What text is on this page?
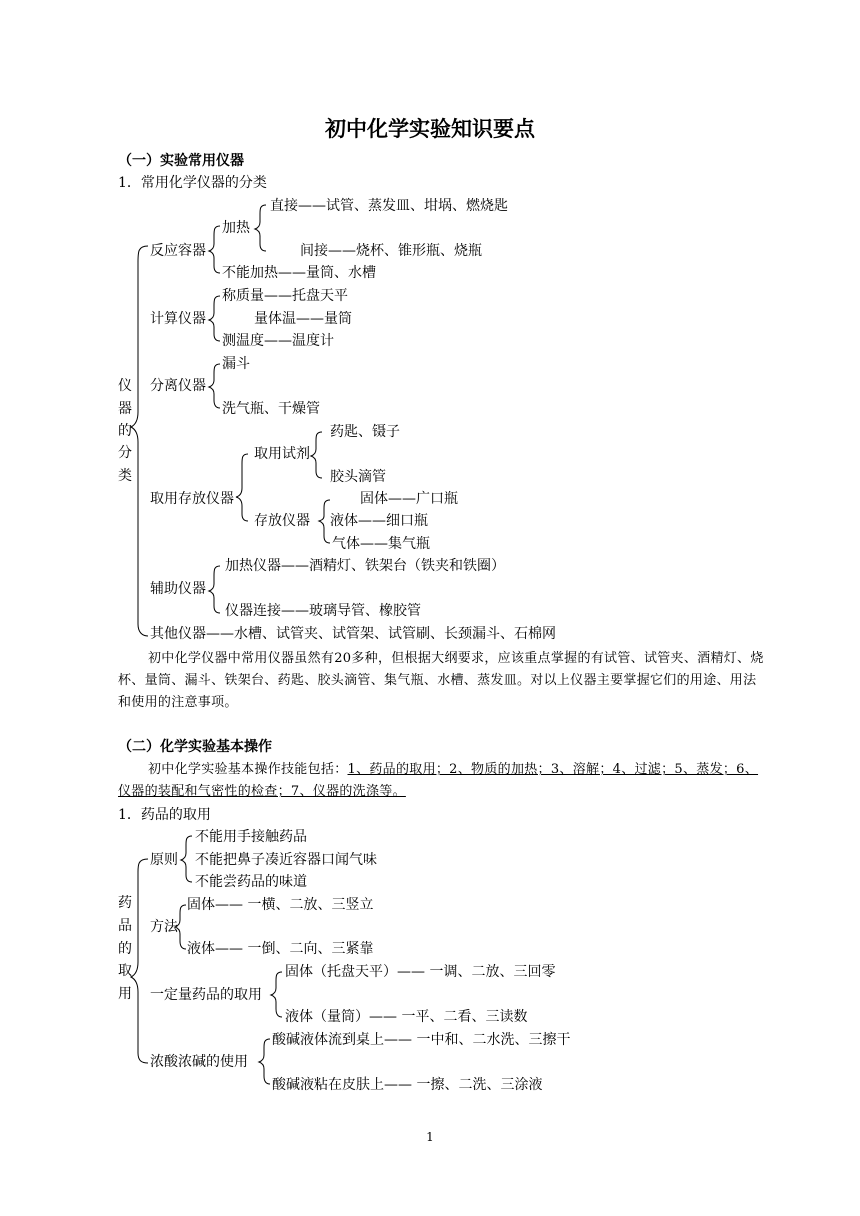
初中化学实验知识要点
（一）实验常用仪器
1．常用化学仪器的分类
仪
器
的
分
类
反应容器
加热
直接——试管、蒸发皿、坩埚、燃烧匙
间接——烧杯、锥形瓶、烧瓶
不能加热——量筒、水槽
计算仪器
称质量——托盘天平
量体温——量筒
测温度——温度计
分离仪器
漏斗
洗气瓶、干燥管
取用存放仪器
取用试剂
药匙、镊子
胶头滴管
存放仪器
固体——广口瓶
液体——细口瓶
气体——集气瓶
辅助仪器
加热仪器——酒精灯、铁架台（铁夹和铁圈）
仪器连接——玻璃导管、橡胶管
其他仪器——水槽、试管夹、试管架、试管刷、长颈漏斗、石棉网
初中化学仪器中常用仪器虽然有20多种，但根据大纲要求，应该重点掌握的有试管、试管夹、酒精灯、烧杯、量筒、漏斗、铁架台、药匙、胶头滴管、集气瓶、水槽、蒸发皿。对以上仪器主要掌握它们的用途、用法和使用的注意事项。
（二）化学实验基本操作
初中化学实验基本操作技能包括：1、药品的取用；2、物质的加热；3、溶解；4、过滤；5、蒸发；6、仪器的装配和气密性的检查；7、仪器的洗涤等。
1．药品的取用
药
品
的
取
用
原则
不能用手接触药品
不能把鼻子凑近容器口闻气味
不能尝药品的味道
方法
固体—— 一横、二放、三竖立
液体—— 一倒、二向、三紧靠
一定量药品的取用
固体（托盘天平）—— 一调、二放、三回零
液体（量筒）—— 一平、二看、三读数
浓酸浓碱的使用
酸碱液体流到桌上—— 一中和、二水洗、三擦干
酸碱液粘在皮肤上—— 一擦、二洗、三涂液
1
